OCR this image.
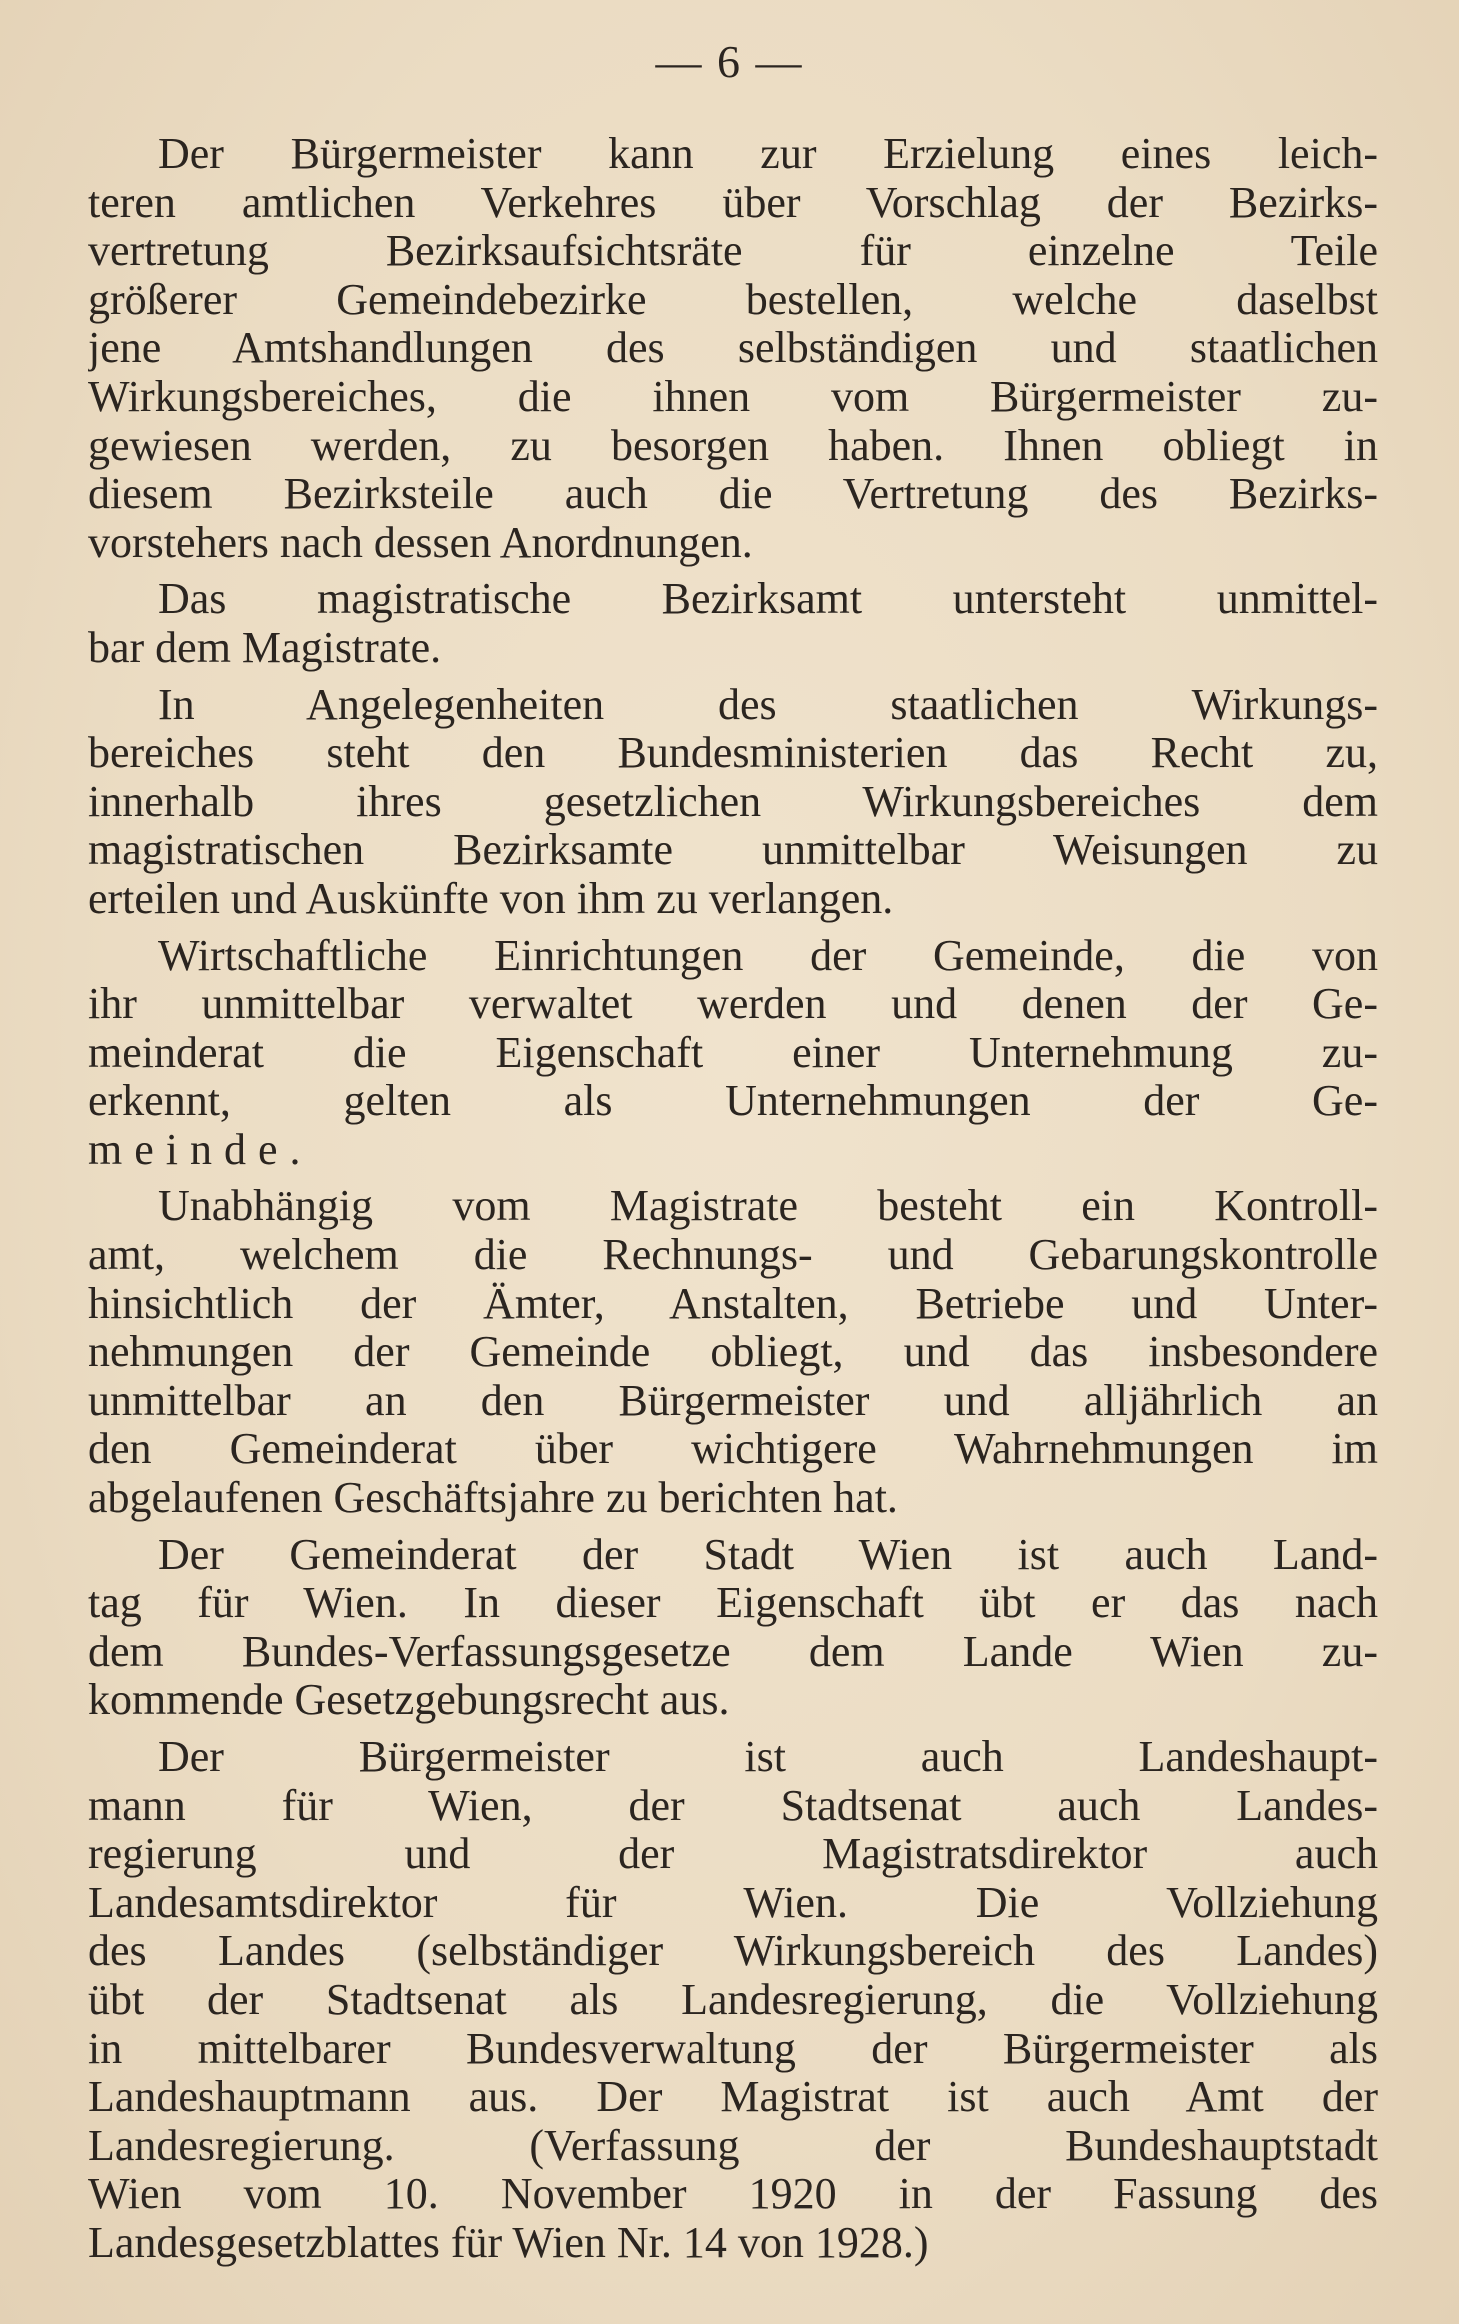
— 6 —

Der Bürgermeister kann zur Erzielung eines leich-
teren amtlichen Verkehres über Vorschlag der Bezirks-
vertretung Bezirksaufsichtsräte für einzelne Teile
größerer Gemeindebezirke bestellen, welche daselbst
jene Amtshandlungen des selbständigen und staatlichen
Wirkungsbereiches, die ihnen vom Bürgermeister zu-
gewiesen werden, zu besorgen haben. Ihnen obliegt in
diesem Bezirksteile auch die Vertretung des Bezirks-
vorstehers nach dessen Anordnungen.

Das magistratische Bezirksamt untersteht unmittel-
bar dem Magistrate.

In Angelegenheiten des staatlichen Wirkungs-
bereiches steht den Bundesministerien das Recht zu,
innerhalb ihres gesetzlichen Wirkungsbereiches dem
magistratischen Bezirksamte unmittelbar Weisungen zu
erteilen und Auskünfte von ihm zu verlangen.

Wirtschaftliche Einrichtungen der Gemeinde, die von
ihr unmittelbar verwaltet werden und denen der Ge-
meinderat die Eigenschaft einer Unternehmung zu-
erkennt, gelten als Unternehmungen der Ge-
meinde.

Unabhängig vom Magistrate besteht ein Kontroll-
amt, welchem die Rechnungs- und Gebarungskontrolle
hinsichtlich der Ämter, Anstalten, Betriebe und Unter-
nehmungen der Gemeinde obliegt, und das insbesondere
unmittelbar an den Bürgermeister und alljährlich an
den Gemeinderat über wichtigere Wahrnehmungen im
abgelaufenen Geschäftsjahre zu berichten hat.

Der Gemeinderat der Stadt Wien ist auch Land-
tag für Wien. In dieser Eigenschaft übt er das nach
dem Bundes-Verfassungsgesetze dem Lande Wien zu-
kommende Gesetzgebungsrecht aus.

Der Bürgermeister ist auch Landeshaupt-
mann für Wien, der Stadtsenat auch Landes-
regierung und der Magistratsdirektor auch
Landesamtsdirektor für Wien. Die Vollziehung
des Landes (selbständiger Wirkungsbereich des Landes)
übt der Stadtsenat als Landesregierung, die Vollziehung
in mittelbarer Bundesverwaltung der Bürgermeister als
Landeshauptmann aus. Der Magistrat ist auch Amt der
Landesregierung. (Verfassung der Bundeshauptstadt
Wien vom 10. November 1920 in der Fassung des
Landesgesetzblattes für Wien Nr. 14 von 1928.)
